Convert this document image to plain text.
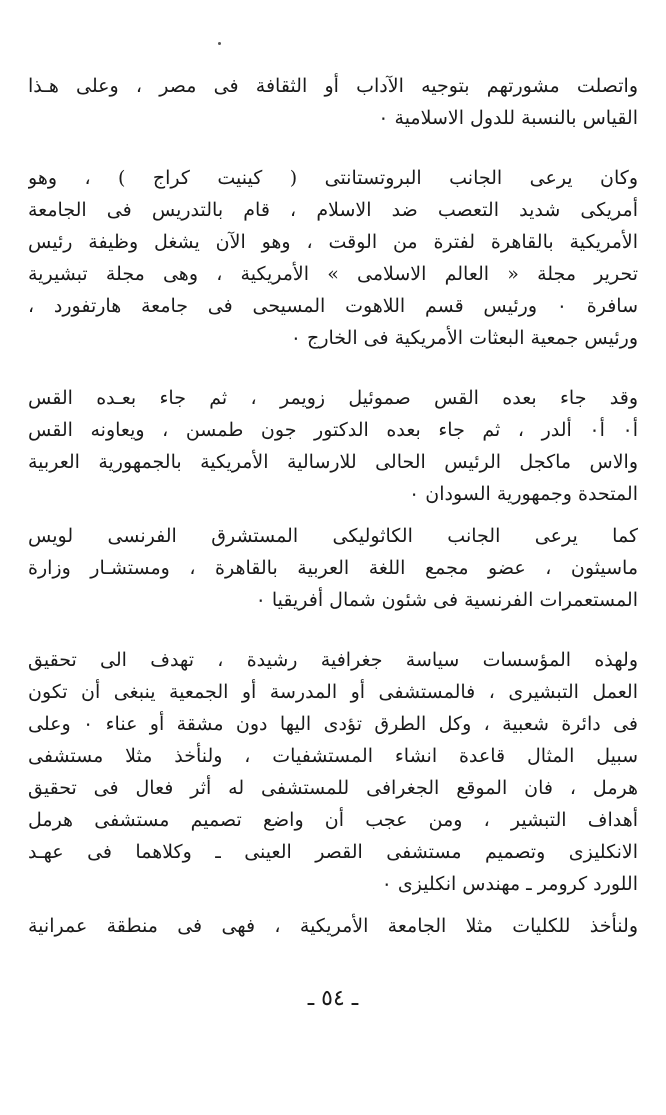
واتصلت مشورتهم بتوجيه الآداب أو الثقافة فى مصر ، وعلى هـذا
القياس بالنسبة للدول الاسلامية ٠
وكان يرعى الجانب البروتستانتى ( كينيت كراج ) ، وهو
أمريكى شديد التعصب ضد الاسلام ، قام بالتدريس فى الجامعة
الأمريكية بالقاهرة لفترة من الوقت ، وهو الآن يشغل وظيفة رئيس
تحرير مجلة « العالم الاسلامى » الأمريكية ، وهى مجلة تبشيرية
سافرة ٠ ورئيس قسم اللاهوت المسيحى فى جامعة هارتفورد ،
ورئيس جمعية البعثات الأمريكية فى الخارج ٠
وقد جاء بعده القس صموئيل زويمر ، ثم جاء بعـده القس
أ٠ أ٠ ألدر ، ثم جاء بعده الدكتور جون طمسن ، ويعاونه القس
والاس ماكجل الرئيس الحالى للارسالية الأمريكية بالجمهورية العربية
المتحدة وجمهورية السودان ٠
كما يرعى الجانب الكاثوليكى المستشرق الفرنسى لويس
ماسيثون ، عضو مجمع اللغة العربية بالقاهرة ، ومستشـار وزارة
المستعمرات الفرنسية فى شئون شمال أفريقيا ٠
ولهذه المؤسسات سياسة جغرافية رشيدة ، تهدف الى تحقيق
العمل التبشيرى ، فالمستشفى أو المدرسة أو الجمعية ينبغى أن تكون
فى دائرة شعبية ، وكل الطرق تؤدى اليها دون مشقة أو عناء ٠ وعلى
سبيل المثال قاعدة انشاء المستشفيات ، ولنأخذ مثلا مستشفى
هرمل ، فان الموقع الجغرافى للمستشفى له أثر فعال فى تحقيق
أهداف التبشير ، ومن عجب أن واضع تصميم مستشفى هرمل
الانكليزى وتصميم مستشفى القصر العينى ـ وكلاهما فى عهـد
اللورد كرومر ـ مهندس انكليزى ٠
ولنأخذ للكليات مثلا الجامعة الأمريكية ، فهى فى منطقة عمرانية
ـ ٥٤ ـ
